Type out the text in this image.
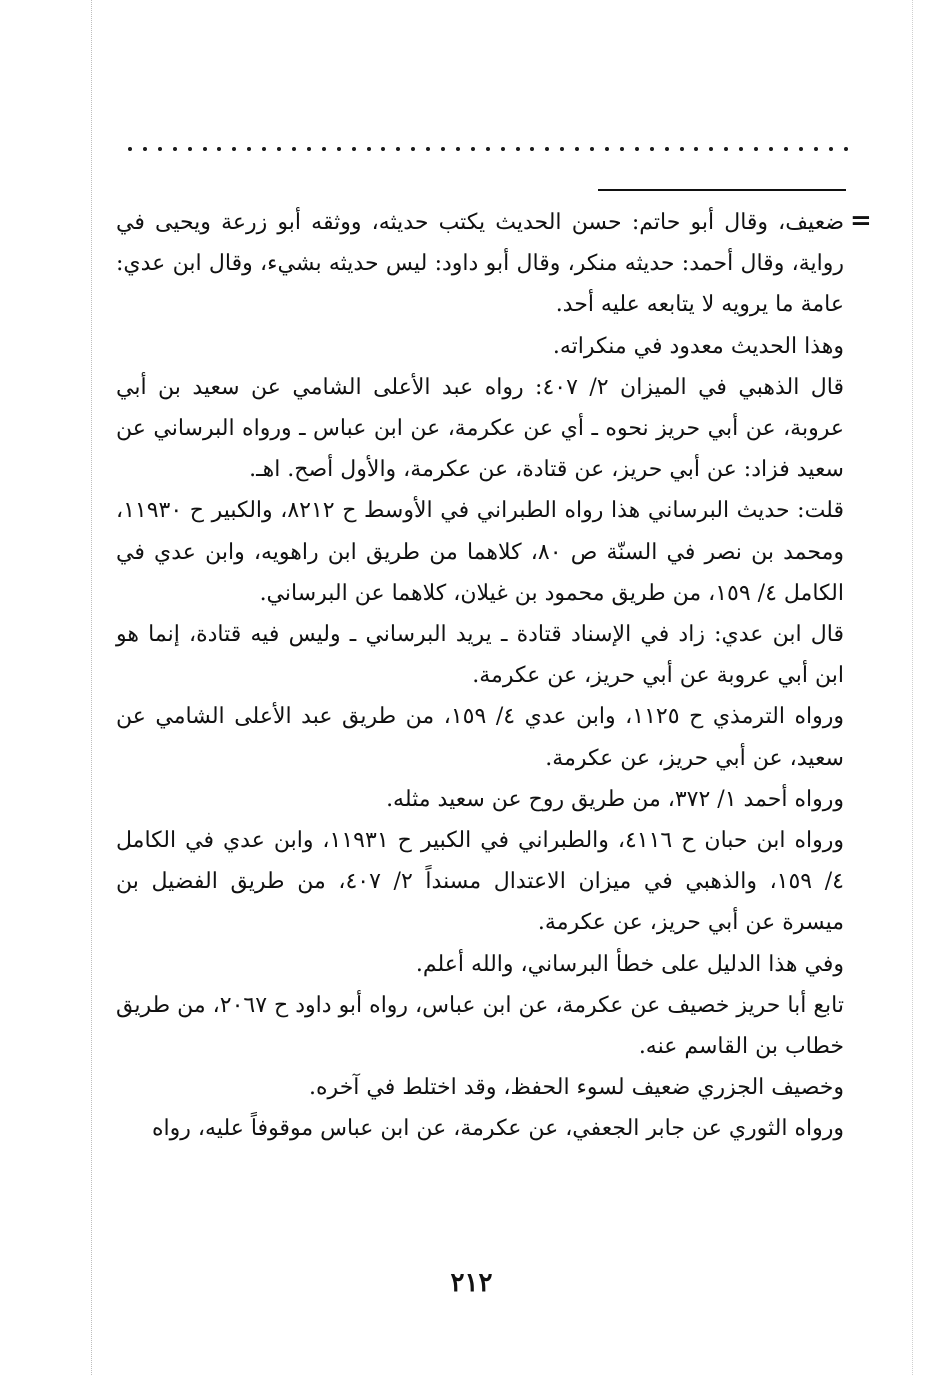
=

ضعيف، وقال أبو حاتم: حسن الحديث يكتب حديثه، ووثقه أبو زرعة ويحيى في رواية، وقال أحمد: حديثه منكر، وقال أبو داود: ليس حديثه بشيء، وقال ابن عدي: عامة ما يرويه لا يتابعه عليه أحد.

وهذا الحديث معدود في منكراته.

قال الذهبي في الميزان ٢/ ٤٠٧: رواه عبد الأعلى الشامي عن سعيد بن أبي عروبة، عن أبي حريز نحوه ـ أي عن عكرمة، عن ابن عباس ـ ورواه البرساني عن سعيد فزاد: عن أبي حريز، عن قتادة، عن عكرمة، والأول أصح. اهـ.

قلت: حديث البرساني هذا رواه الطبراني في الأوسط ح ٨٢١٢، والكبير ح ١١٩٣٠، ومحمد بن نصر في السنّة ص ٨٠، كلاهما من طريق ابن راهويه، وابن عدي في الكامل ٤/ ١٥٩، من طريق محمود بن غيلان، كلاهما عن البرساني.

قال ابن عدي: زاد في الإسناد قتادة ـ يريد البرساني ـ وليس فيه قتادة، إنما هو ابن أبي عروبة عن أبي حريز، عن عكرمة.

ورواه الترمذي ح ١١٢٥، وابن عدي ٤/ ١٥٩، من طريق عبد الأعلى الشامي عن سعيد، عن أبي حريز، عن عكرمة.

ورواه أحمد ١/ ٣٧٢، من طريق روح عن سعيد مثله.

ورواه ابن حبان ح ٤١١٦، والطبراني في الكبير ح ١١٩٣١، وابن عدي في الكامل ٤/ ١٥٩، والذهبي في ميزان الاعتدال مسنداً ٢/ ٤٠٧، من طريق الفضيل بن ميسرة عن أبي حريز، عن عكرمة.

وفي هذا الدليل على خطأ البرساني، والله أعلم.

تابع أبا حريز خصيف عن عكرمة، عن ابن عباس، رواه أبو داود ح ٢٠٦٧، من طريق خطاب بن القاسم عنه.

وخصيف الجزري ضعيف لسوء الحفظ، وقد اختلط في آخره.

ورواه الثوري عن جابر الجعفي، عن عكرمة، عن ابن عباس موقوفاً عليه، رواه

٢١٢
